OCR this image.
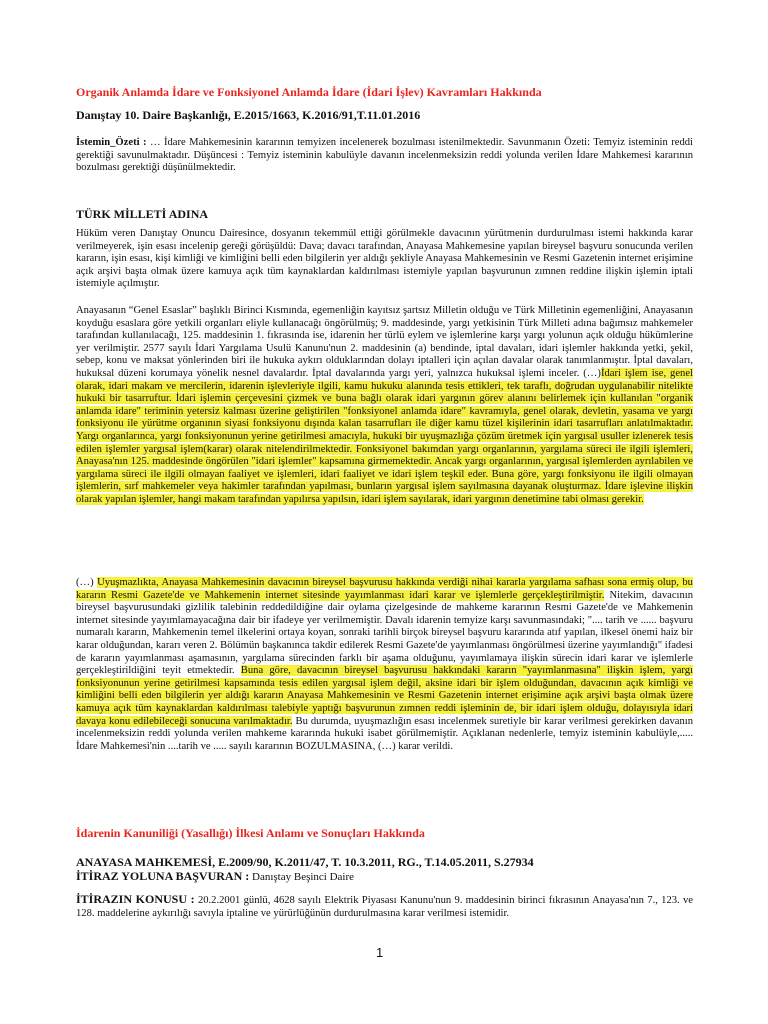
Organik Anlamda İdare ve Fonksiyonel Anlamda İdare (İdari İşlev) Kavramları Hakkında
Danıştay 10. Daire Başkanlığı, E.2015/1663, K.2016/91,T.11.01.2016
İstemin_Özeti : … İdare Mahkemesinin kararının temyizen incelenerek bozulması istenilmektedir. Savunmanın Özeti: Temyiz isteminin reddi gerektiği savunulmaktadır. Düşüncesi : Temyiz isteminin kabulüyle davanın incelenmeksizin reddi yolunda verilen İdare Mahkemesi kararının bozulması gerektiği düşünülmektedir.
TÜRK MİLLETİ ADINA
Hüküm veren Danıştay Onuncu Dairesince, dosyanın tekemmül ettiği görülmekle davacının yürütmenin durdurulması istemi hakkında karar verilmeyerek, işin esası incelenip gereği görüşüldü: Dava; davacı tarafından, Anayasa Mahkemesine yapılan bireysel başvuru sonucunda verilen kararın, işin esası, kişi kimliği ve kimliğini belli eden bilgilerin yer aldığı şekliyle Anayasa Mahkemesinin ve Resmi Gazetenin internet erişimine açık arşivi başta olmak üzere kamuya açık tüm kaynaklardan kaldırılması istemiyle yapılan başvurunun zımnen reddine ilişkin işlemin iptali istemiyle açılmıştır.
Anayasanın “Genel Esaslar” başlıklı Birinci Kısmında, egemenliğin kayıtsız şartsız Milletin olduğu ve Türk Milletinin egemenliğini, Anayasanın koyduğu esaslara göre yetkili organları eliyle kullanacağı öngörülmüş; 9. maddesinde, yargı yetkisinin Türk Milleti adına bağımsız mahkemeler tarafından kullanılacağı, 125. maddesinin 1. fıkrasında ise, idarenin her türlü eylem ve işlemlerine karşı yargı yolunun açık olduğu hükümlerine yer verilmiştir. 2577 sayılı İdari Yargılama Usulü Kanunu'nun 2. maddesinin (a) bendinde, iptal davaları, idari işlemler hakkında yetki, şekil, sebep, konu ve maksat yönlerinden biri ile hukuka aykırı olduklarından dolayı iptalleri için açılan davalar olarak tanımlanmıştır. İptal davaları, hukuksal düzeni korumaya yönelik nesnel davalardır. İptal davalarında yargı yeri, yalnızca hukuksal işlemi inceler. (…)İdari işlem ise, genel olarak, idari makam ve mercilerin, idarenin işlevleriyle ilgili, kamu hukuku alanında tesis ettikleri, tek taraflı, doğrudan uygulanabilir nitelikte hukuki bir tasarruftur. İdari işlemin çerçevesini çizmek ve buna bağlı olarak idari yargının görev alanını belirlemek için kullanılan "organik anlamda idare" teriminin yetersiz kalması üzerine geliştirilen "fonksiyonel anlamda idare" kavramıyla, genel olarak, devletin, yasama ve yargı fonksiyonu ile yürütme organının siyasi fonksiyonu dışında kalan tasarrufları ile diğer kamu tüzel kişilerinin idari tasarrufları anlatılmaktadır. Yargı organlarınca, yargı fonksiyonunun yerine getirilmesi amacıyla, hukuki bir uyuşmazlığa çözüm üretmek için yargısal usuller izlenerek tesis edilen işlemler yargısal işlem(karar) olarak nitelendirilmektedir. Fonksiyonel bakımdan yargı organlarının, yargılama süreci ile ilgili işlemleri, Anayasa'nın 125. maddesinde öngörülen "idari işlemler" kapsamına girmemektedir. Ancak yargı organlarının, yargısal işlemlerden ayrılabilen ve yargılama süreci ile ilgili olmayan faaliyet ve işlemleri, idari faaliyet ve idari işlem teşkil eder. Buna göre, yargı fonksiyonu ile ilgili olmayan işlemlerin, sırf mahkemeler veya hakimler tarafından yapılması, bunların yargısal işlem sayılmasına dayanak oluşturmaz. İdare işlevine ilişkin olarak yapılan işlemler, hangi makam tarafından yapılırsa yapılsın, idari işlem sayılarak, idari yargının denetimine tabi olması gerekir.
(…) Uyuşmazlıkta, Anayasa Mahkemesinin davacının bireysel başvurusu hakkında verdiği nihai kararla yargılama safhası sona ermiş olup, bu kararın Resmi Gazete'de ve Mahkemenin internet sitesinde yayımlanması idari karar ve işlemlerle gerçekleştirilmiştir. Nitekim, davacının bireysel başvurusundaki gizlilik talebinin reddedildiğine dair oylama çizelgesinde de mahkeme kararının Resmi Gazete'de ve Mahkemenin internet sitesinde yayımlamayacağına dair bir ifadeye yer verilmemiştir. Davalı idarenin temyize karşı savunmasındaki; ".... tarih ve ...... başvuru numaralı kararın, Mahkemenin temel ilkelerini ortaya koyan, sonraki tarihli birçok bireysel başvuru kararında atıf yapılan, ilkesel önemi haiz bir karar olduğundan, kararı veren 2. Bölümün başkanınca takdir edilerek Resmi Gazete'de yayımlanması öngörülmesi üzerine yayımlandığı" ifadesi de kararın yayımlanması aşamasının, yargılama sürecinden farklı bir aşama olduğunu, yayımlamaya ilişkin sürecin idari karar ve işlemlerle gerçekleştirildiğini teyit etmektedir. Buna göre, davacının bireysel başvurusu hakkındaki kararın "yayımlanmasına" ilişkin işlem, yargı fonksiyonunun yerine getirilmesi kapsamında tesis edilen yargısal işlem değil, aksine idari bir işlem olduğundan, davacının açık kimliği ve kimliğini belli eden bilgilerin yer aldığı kararın Anayasa Mahkemesinin ve Resmi Gazetenin internet erişimine açık arşivi başta olmak üzere kamuya açık tüm kaynaklardan kaldırılması talebiyle yaptığı başvurunun zımnen reddi işleminin de, bir idari işlem olduğu, dolayısıyla idari davaya konu edilebileceği sonucuna varılmaktadır. Bu durumda, uyuşmazlığın esası incelenmek suretiyle bir karar verilmesi gerekirken davanın incelenmeksizin reddi yolunda verilen mahkeme kararında hukuki isabet görülmemiştir. Açıklanan nedenlerle, temyiz isteminin kabulüyle,..... İdare Mahkemesi'nin ....tarih ve ..... sayılı kararının BOZULMASINA, (…) karar verildi.
İdarenin Kanuniliği (Yasallığı) İlkesi Anlamı ve Sonuçları Hakkında
ANAYASA MAHKEMESİ, E.2009/90, K.2011/47, T. 10.3.2011, RG., T.14.05.2011, S.27934
İTİRAZ YOLUNA BAŞVURAN : Danıştay Beşinci Daire
İTİRAZIN KONUSU : 20.2.2001 günlü, 4628 sayılı Elektrik Piyasası Kanunu'nun 9. maddesinin birinci fıkrasının Anayasa'nın 7., 123. ve 128. maddelerine aykırılığı savıyla iptaline ve yürürlüğünün durdurulmasına karar verilmesi istemidir.
1
